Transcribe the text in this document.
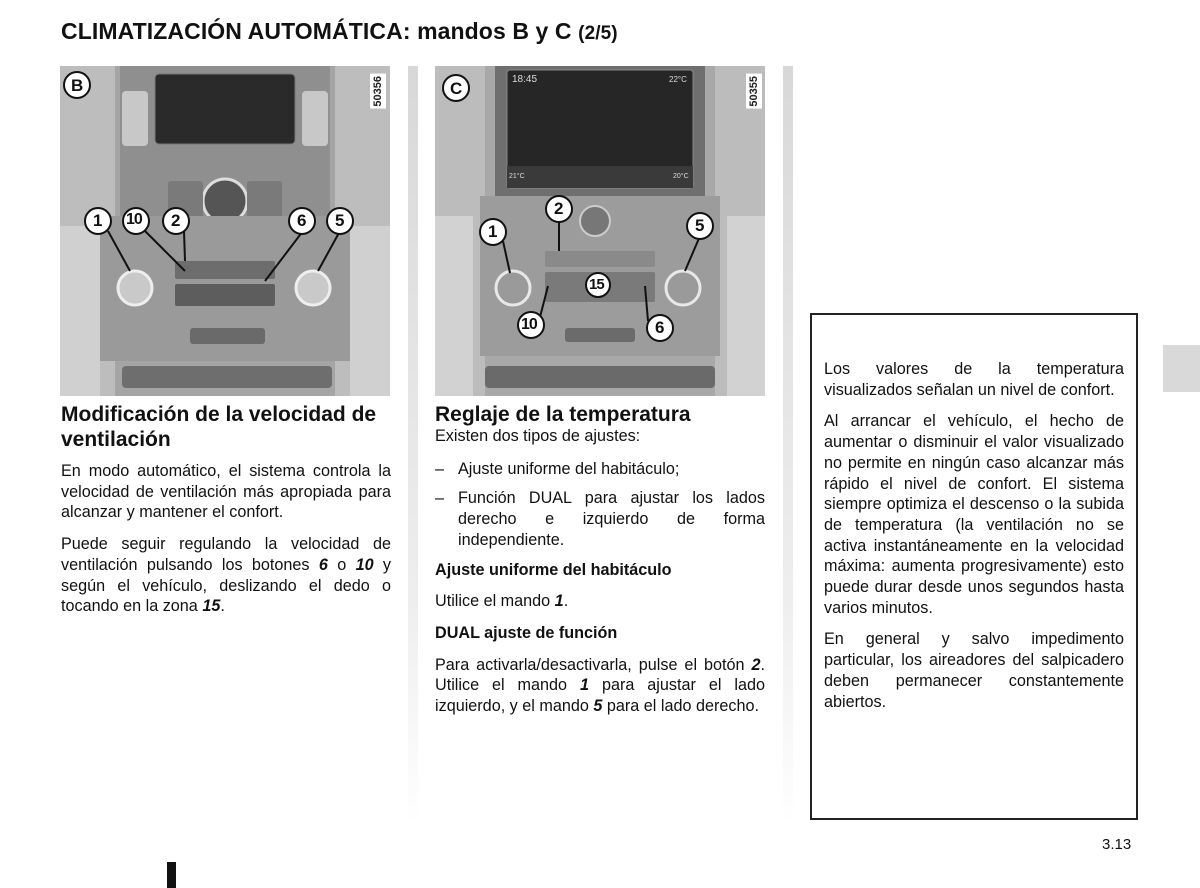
CLIMATIZACIÓN AUTOMÁTICA: mandos B y C (2/5)
B
1 10 2	6 5
50356	C	18:45	22°C
21°C	20°C
2
1	5
15
10	6
50355
Modificación de la velocidad de ventilación

En modo automático, el sistema controla la velocidad de ventilación más apropiada para alcanzar y mantener el confort.

Puede seguir regulando la velocidad de ventilación pulsando los botones 6 o 10 y según el vehículo, deslizando el dedo o tocando en la zona 15.

Reglaje de la temperatura

Existen dos tipos de ajustes:

– Ajuste uniforme del habitáculo;
– Función DUAL para ajustar los lados derecho e izquierdo de forma independiente.

Ajuste uniforme del habitáculo

Utilice el mando 1.

DUAL ajuste de función

Para activarla/desactivarla, pulse el botón 2. Utilice el mando 1 para ajustar el lado izquierdo, y el mando 5 para el lado derecho.

Los valores de la temperatura visualizados señalan un nivel de confort.

Al arrancar el vehículo, el hecho de aumentar o disminuir el valor visualizado no permite en ningún caso alcanzar más rápido el nivel de confort. El sistema siempre optimiza el descenso o la subida de temperatura (la ventilación no se activa instantáneamente en la velocidad máxima: aumenta progresivamente) esto puede durar desde unos segundos hasta varios minutos.

En general y salvo impedimento particular, los aireadores del salpicadero deben permanecer constantemente abiertos.

3.13
